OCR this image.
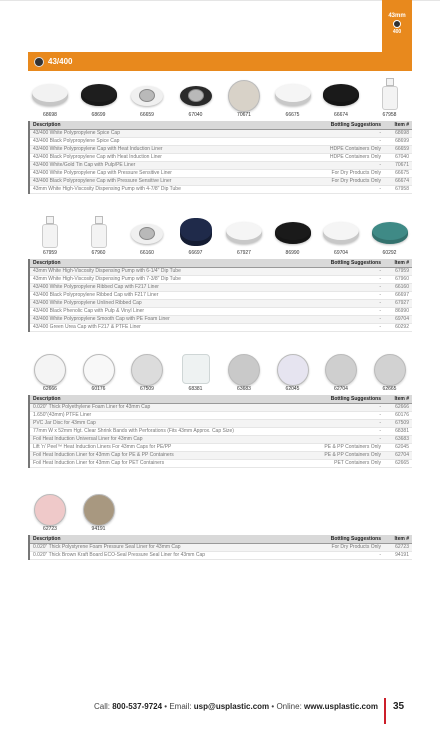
43mm
400
43/400
68698	68699	66659	67040	70671	66675	66674	67958
Description	Bottling Suggestions	Item #
43/400 White Polypropylene Spice Cap	-	68698
43/400 Black Polypropylene Spice Cap	-	68699
43/400 White Polypropylene Cap with Heat Induction Liner	HDPE Containers Only	66659
43/400 Black Polypropylene Cap with Heat Induction Liner	HDPE Containers Only	67040
43/400 White/Gold Tin Cap with Pulp/PE Liner	-	70671
43/400 White Polypropylene Cap with Pressure Sensitive Liner	For Dry Products Only	66675
43/400 Black Polypropylene Cap with Pressure Sensitive Liner	For Dry Products Only	66674
43mm White High-Viscosity Dispensing Pump with 4-7/8" Dip Tube	-	67958
67959	67960	66160	66697	67927	86990	69704	60292
Description	Bottling Suggestions	Item #
43mm White High-Viscosity Dispensing Pump with 6-1/4" Dip Tube	-	67959
43mm White High-Viscosity Dispensing Pump with 7-3/8" Dip Tube	-	67960
43/400 White Polypropylene Ribbed Cap with F217 Liner	-	66160
43/400 Black Polypropylene Ribbed Cap with F217 Liner	-	66697
43/400 White Polypropylene Unlined Ribbed Cap	-	67927
43/400 Black Phenolic Cap with Pulp & Vinyl Liner	-	86990
43/400 White Polypropylene Smooth Cap with PE Foam Liner	-	69704
43/400 Green Urea Cap with F217 & PTFE Liner	-	60292
62666	60176	67509	68381	63683	62045	62704	62665
Description	Bottling Suggestions	Item #
0.020" Thick Polyethylene Foam Liner for 43mm Cap	-	62666
1.650"(43mm) PTFE Liner	-	60176
PVC Jar Disc for 43mm Cap	-	67509
77mm W x 52mm Hgt. Clear Shrink Bands with Perforations (Fits 43mm Approx. Cap Size)	-	68381
Foil Heat Induction Universal Liner for 43mm Cap	-	63683
Lift 'n' Peel™ Heat Induction Liners For 43mm Caps for PE/PP	PE & PP Containers Only	62045
Foil Heat Induction Liner for 43mm Cap for PE & PP Containers	PE & PP Containers Only	62704
Foil Heat Induction Liner for 43mm Cap for PET Containers	PET Containers Only	62665
62723	94191
Description	Bottling Suggestions	Item #
0.020" Thick Polystyrene Foam Pressure Seal Liner for 43mm Cap	For Dry Products Only	62723
0.020" Thick Brown Kraft Board ECO-Seal Pressure Seal Liner for 43mm Cap	-	94191
Call: 800-537-9724 • Email: usp@usplastic.com • Online: www.usplastic.com 35
